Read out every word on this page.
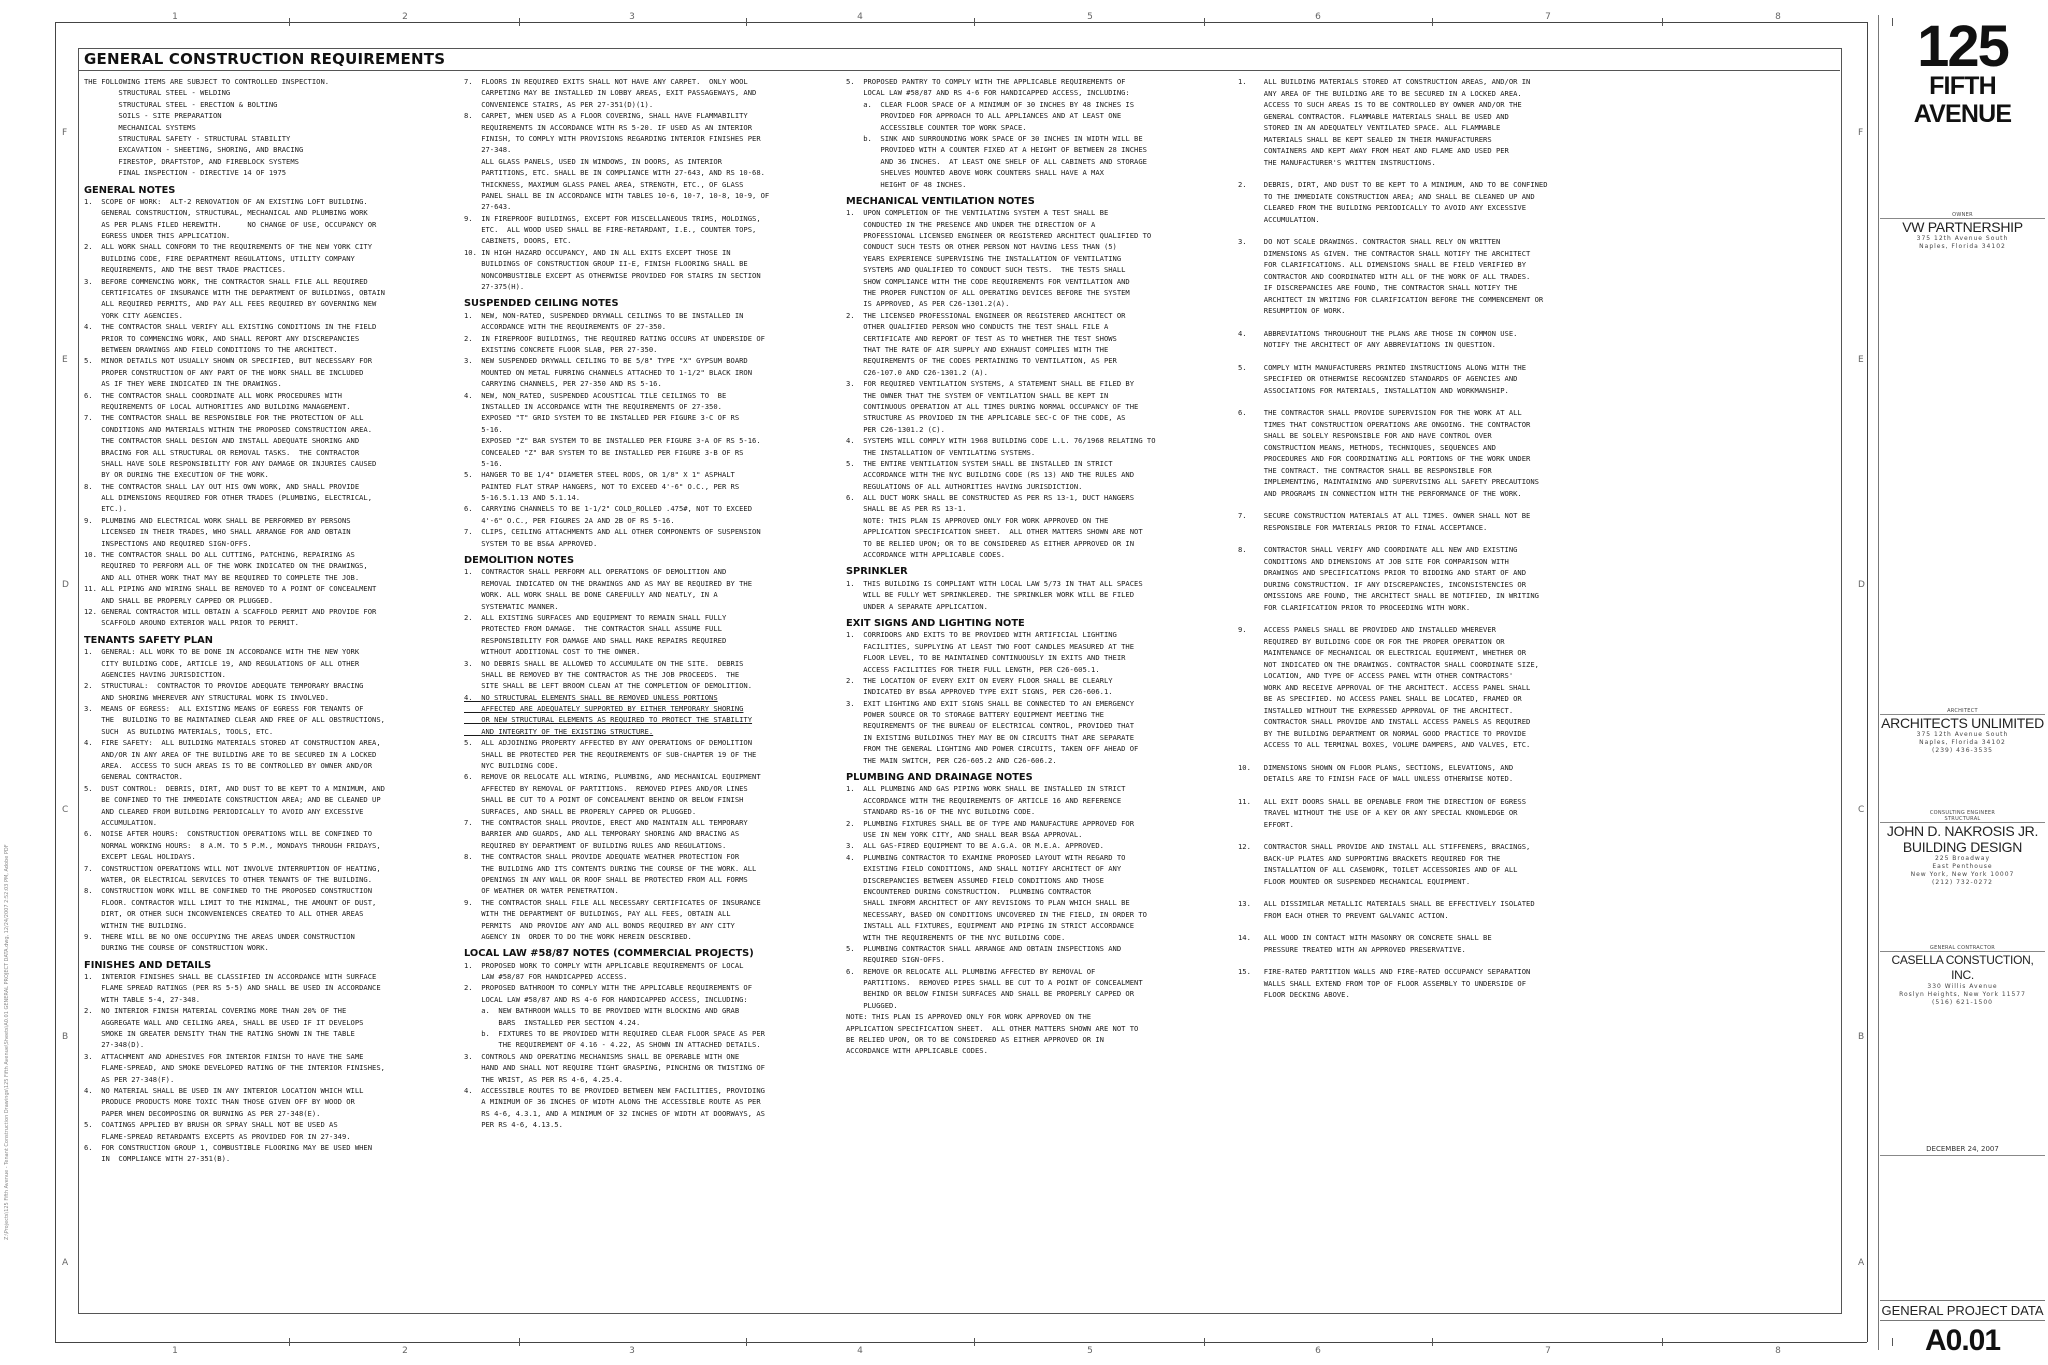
1
1
2
2
3
3
4
4
5
5
6
6
7
7
8
8
F	F
E	E
D	D
C	C
B	B
A	A
GENERAL CONSTRUCTION REQUIREMENTS
THE FOLLOWING ITEMS ARE SUBJECT TO CONTROLLED INSPECTION.
STRUCTURAL STEEL - WELDING
STRUCTURAL STEEL - ERECTION & BOLTING
SOILS - SITE PREPARATION
MECHANICAL SYSTEMS
STRUCTURAL SAFETY - STRUCTURAL STABILITY
EXCAVATION - SHEETING, SHORING, AND BRACING
FIRESTOP, DRAFTSTOP, AND FIREBLOCK SYSTEMS
FINAL INSPECTION - DIRECTIVE 14 OF 1975
GENERAL NOTES
1.  SCOPE OF WORK:  ALT-2 RENOVATION OF AN EXISTING LOFT BUILDING.
GENERAL CONSTRUCTION, STRUCTURAL, MECHANICAL AND PLUMBING WORK
AS PER PLANS FILED HEREWITH.      NO CHANGE OF USE, OCCUPANCY OR
EGRESS UNDER THIS APPLICATION.
2.  ALL WORK SHALL CONFORM TO THE REQUIREMENTS OF THE NEW YORK CITY
BUILDING CODE, FIRE DEPARTMENT REGULATIONS, UTILITY COMPANY
REQUIREMENTS, AND THE BEST TRADE PRACTICES.
3.  BEFORE COMMENCING WORK, THE CONTRACTOR SHALL FILE ALL REQUIRED
CERTIFICATES OF INSURANCE WITH THE DEPARTMENT OF BUILDINGS, OBTAIN
ALL REQUIRED PERMITS, AND PAY ALL FEES REQUIRED BY GOVERNING NEW
YORK CITY AGENCIES.
4.  THE CONTRACTOR SHALL VERIFY ALL EXISTING CONDITIONS IN THE FIELD
PRIOR TO COMMENCING WORK, AND SHALL REPORT ANY DISCREPANCIES
BETWEEN DRAWINGS AND FIELD CONDITIONS TO THE ARCHITECT.
5.  MINOR DETAILS NOT USUALLY SHOWN OR SPECIFIED, BUT NECESSARY FOR
PROPER CONSTRUCTION OF ANY PART OF THE WORK SHALL BE INCLUDED
AS IF THEY WERE INDICATED IN THE DRAWINGS.
6.  THE CONTRACTOR SHALL COORDINATE ALL WORK PROCEDURES WITH
REQUIREMENTS OF LOCAL AUTHORITIES AND BUILDING MANAGEMENT.
7.  THE CONTRACTOR SHALL BE RESPONSIBLE FOR THE PROTECTION OF ALL
CONDITIONS AND MATERIALS WITHIN THE PROPOSED CONSTRUCTION AREA.
THE CONTRACTOR SHALL DESIGN AND INSTALL ADEQUATE SHORING AND
BRACING FOR ALL STRUCTURAL OR REMOVAL TASKS.  THE CONTRACTOR
SHALL HAVE SOLE RESPONSIBILITY FOR ANY DAMAGE OR INJURIES CAUSED
BY OR DURING THE EXECUTION OF THE WORK.
8.  THE CONTRACTOR SHALL LAY OUT HIS OWN WORK, AND SHALL PROVIDE
ALL DIMENSIONS REQUIRED FOR OTHER TRADES (PLUMBING, ELECTRICAL,
ETC.).
9.  PLUMBING AND ELECTRICAL WORK SHALL BE PERFORMED BY PERSONS
LICENSED IN THEIR TRADES, WHO SHALL ARRANGE FOR AND OBTAIN
INSPECTIONS AND REQUIRED SIGN-OFFS.
10. THE CONTRACTOR SHALL DO ALL CUTTING, PATCHING, REPAIRING AS
REQUIRED TO PERFORM ALL OF THE WORK INDICATED ON THE DRAWINGS,
AND ALL OTHER WORK THAT MAY BE REQUIRED TO COMPLETE THE JOB.
11. ALL PIPING AND WIRING SHALL BE REMOVED TO A POINT OF CONCEALMENT
AND SHALL BE PROPERLY CAPPED OR PLUGGED.
12. GENERAL CONTRACTOR WILL OBTAIN A SCAFFOLD PERMIT AND PROVIDE FOR
SCAFFOLD AROUND EXTERIOR WALL PRIOR TO PERMIT.
TENANTS SAFETY PLAN
1.  GENERAL: ALL WORK TO BE DONE IN ACCORDANCE WITH THE NEW YORK
CITY BUILDING CODE, ARTICLE 19, AND REGULATIONS OF ALL OTHER
AGENCIES HAVING JURISDICTION.
2.  STRUCTURAL:  CONTRACTOR TO PROVIDE ADEQUATE TEMPORARY BRACING
AND SHORING WHEREVER ANY STRUCTURAL WORK IS INVOLVED.
3.  MEANS OF EGRESS:  ALL EXISTING MEANS OF EGRESS FOR TENANTS OF
THE  BUILDING TO BE MAINTAINED CLEAR AND FREE OF ALL OBSTRUCTIONS,
SUCH  AS BUILDING MATERIALS, TOOLS, ETC.
4.  FIRE SAFETY:  ALL BUILDING MATERIALS STORED AT CONSTRUCTION AREA,
AND/OR IN ANY AREA OF THE BUILDING ARE TO BE SECURED IN A LOCKED
AREA.  ACCESS TO SUCH AREAS IS TO BE CONTROLLED BY OWNER AND/OR
GENERAL CONTRACTOR.
5.  DUST CONTROL:  DEBRIS, DIRT, AND DUST TO BE KEPT TO A MINIMUM, AND
BE CONFINED TO THE IMMEDIATE CONSTRUCTION AREA; AND BE CLEANED UP
AND CLEARED FROM BUILDING PERIODICALLY TO AVOID ANY EXCESSIVE
ACCUMULATION.
6.  NOISE AFTER HOURS:  CONSTRUCTION OPERATIONS WILL BE CONFINED TO
NORMAL WORKING HOURS:  8 A.M. TO 5 P.M., MONDAYS THROUGH FRIDAYS,
EXCEPT LEGAL HOLIDAYS.
7.  CONSTRUCTION OPERATIONS WILL NOT INVOLVE INTERRUPTION OF HEATING,
WATER, OR ELECTRICAL SERVICES TO OTHER TENANTS OF THE BUILDING.
8.  CONSTRUCTION WORK WILL BE CONFINED TO THE PROPOSED CONSTRUCTION
FLOOR. CONTRACTOR WILL LIMIT TO THE MINIMAL, THE AMOUNT OF DUST,
DIRT, OR OTHER SUCH INCONVENIENCES CREATED TO ALL OTHER AREAS
WITHIN THE BUILDING.
9.  THERE WILL BE NO ONE OCCUPYING THE AREAS UNDER CONSTRUCTION
DURING THE COURSE OF CONSTRUCTION WORK.
FINISHES AND DETAILS
1.  INTERIOR FINISHES SHALL BE CLASSIFIED IN ACCORDANCE WITH SURFACE
FLAME SPREAD RATINGS (PER RS 5-5) AND SHALL BE USED IN ACCORDANCE
WITH TABLE 5-4, 27-348.
2.  NO INTERIOR FINISH MATERIAL COVERING MORE THAN 20% OF THE
AGGREGATE WALL AND CEILING AREA, SHALL BE USED IF IT DEVELOPS
SMOKE IN GREATER DENSITY THAN THE RATING SHOWN IN THE TABLE
27-348(D).
3.  ATTACHMENT AND ADHESIVES FOR INTERIOR FINISH TO HAVE THE SAME
FLAME-SPREAD, AND SMOKE DEVELOPED RATING OF THE INTERIOR FINISHES,
AS PER 27-348(F).
4.  NO MATERIAL SHALL BE USED IN ANY INTERIOR LOCATION WHICH WILL
PRODUCE PRODUCTS MORE TOXIC THAN THOSE GIVEN OFF BY WOOD OR
PAPER WHEN DECOMPOSING OR BURNING AS PER 27-348(E).
5.  COATINGS APPLIED BY BRUSH OR SPRAY SHALL NOT BE USED AS
FLAME-SPREAD RETARDANTS EXCEPTS AS PROVIDED FOR IN 27-349.
6.  FOR CONSTRUCTION GROUP 1, COMBUSTIBLE FLOORING MAY BE USED WHEN
IN  COMPLIANCE WITH 27-351(B).
7.  FLOORS IN REQUIRED EXITS SHALL NOT HAVE ANY CARPET.  ONLY WOOL
CARPETING MAY BE INSTALLED IN LOBBY AREAS, EXIT PASSAGEWAYS, AND
CONVENIENCE STAIRS, AS PER 27-351(D)(1).
8.  CARPET, WHEN USED AS A FLOOR COVERING, SHALL HAVE FLAMMABILITY
REQUIREMENTS IN ACCORDANCE WITH RS 5-20. IF USED AS AN INTERIOR
FINISH, TO COMPLY WITH PROVISIONS REGARDING INTERIOR FINISHES PER
27-348.
ALL GLASS PANELS, USED IN WINDOWS, IN DOORS, AS INTERIOR
PARTITIONS, ETC. SHALL BE IN COMPLIANCE WITH 27-643, AND RS 10-68.
THICKNESS, MAXIMUM GLASS PANEL AREA, STRENGTH, ETC., OF GLASS
PANEL SHALL BE IN ACCORDANCE WITH TABLES 10-6, 10-7, 10-8, 10-9, OF
27-643.
9.  IN FIREPROOF BUILDINGS, EXCEPT FOR MISCELLANEOUS TRIMS, MOLDINGS,
ETC.  ALL WOOD USED SHALL BE FIRE-RETARDANT, I.E., COUNTER TOPS,
CABINETS, DOORS, ETC.
10. IN HIGH HAZARD OCCUPANCY, AND IN ALL EXITS EXCEPT THOSE IN
BUILDINGS OF CONSTRUCTION GROUP II-E, FINISH FLOORING SHALL BE
NONCOMBUSTIBLE EXCEPT AS OTHERWISE PROVIDED FOR STAIRS IN SECTION
27-375(H).
SUSPENDED CEILING NOTES
1.  NEW, NON-RATED, SUSPENDED DRYWALL CEILINGS TO BE INSTALLED IN
ACCORDANCE WITH THE REQUIREMENTS OF 27-350.
2.  IN FIREPROOF BUILDINGS, THE REQUIRED RATING OCCURS AT UNDERSIDE OF
EXISTING CONCRETE FLOOR SLAB, PER 27-350.
3.  NEW SUSPENDED DRYWALL CEILING TO BE 5/8" TYPE "X" GYPSUM BOARD
MOUNTED ON METAL FURRING CHANNELS ATTACHED TO 1-1/2" BLACK IRON
CARRYING CHANNELS, PER 27-350 AND RS 5-16.
4.  NEW, NON_RATED, SUSPENDED ACOUSTICAL TILE CEILINGS TO  BE
INSTALLED IN ACCORDANCE WITH THE REQUIREMENTS OF 27-350.
EXPOSED "T" GRID SYSTEM TO BE INSTALLED PER FIGURE 3-C OF RS
5-16.
EXPOSED "Z" BAR SYSTEM TO BE INSTALLED PER FIGURE 3-A OF RS 5-16.
CONCEALED "Z" BAR SYSTEM TO BE INSTALLED PER FIGURE 3-B OF RS
5-16.
5.  HANGER TO BE 1/4" DIAMETER STEEL RODS, OR 1/8" X 1" ASPHALT
PAINTED FLAT STRAP HANGERS, NOT TO EXCEED 4'-6" O.C., PER RS
5-16.5.1.13 AND 5.1.14.
6.  CARRYING CHANNELS TO BE 1-1/2" COLD_ROLLED .475#, NOT TO EXCEED
4'-6" O.C., PER FIGURES 2A AND 2B OF RS 5-16.
7.  CLIPS, CEILING ATTACHMENTS AND ALL OTHER COMPONENTS OF SUSPENSION
SYSTEM TO BE BS&A APPROVED.
DEMOLITION NOTES
1.  CONTRACTOR SHALL PERFORM ALL OPERATIONS OF DEMOLITION AND
REMOVAL INDICATED ON THE DRAWINGS AND AS MAY BE REQUIRED BY THE
WORK. ALL WORK SHALL BE DONE CAREFULLY AND NEATLY, IN A
SYSTEMATIC MANNER.
2.  ALL EXISTING SURFACES AND EQUIPMENT TO REMAIN SHALL FULLY
PROTECTED FROM DAMAGE.  THE CONTRACTOR SHALL ASSUME FULL
RESPONSIBILITY FOR DAMAGE AND SHALL MAKE REPAIRS REQUIRED
WITHOUT ADDITIONAL COST TO THE OWNER.
3.  NO DEBRIS SHALL BE ALLOWED TO ACCUMULATE ON THE SITE.  DEBRIS
SHALL BE REMOVED BY THE CONTRACTOR AS THE JOB PROCEEDS.  THE
SITE SHALL BE LEFT BROOM CLEAN AT THE COMPLETION OF DEMOLITION.
4.  NO STRUCTURAL ELEMENTS SHALL BE REMOVED UNLESS PORTIONS
AFFECTED ARE ADEQUATELY SUPPORTED BY EITHER TEMPORARY SHORING
OR NEW STRUCTURAL ELEMENTS AS REQUIRED TO PROTECT THE STABILITY
AND INTEGRITY OF THE EXISTING STRUCTURE.
5.  ALL ADJOINING PROPERTY AFFECTED BY ANY OPERATIONS OF DEMOLITION
SHALL BE PROTECTED PER THE REQUIREMENTS OF SUB-CHAPTER 19 OF THE
NYC BUILDING CODE.
6.  REMOVE OR RELOCATE ALL WIRING, PLUMBING, AND MECHANICAL EQUIPMENT
AFFECTED BY REMOVAL OF PARTITIONS.  REMOVED PIPES AND/OR LINES
SHALL BE CUT TO A POINT OF CONCEALMENT BEHIND OR BELOW FINISH
SURFACES, AND SHALL BE PROPERLY CAPPED OR PLUGGED.
7.  THE CONTRACTOR SHALL PROVIDE, ERECT AND MAINTAIN ALL TEMPORARY
BARRIER AND GUARDS, AND ALL TEMPORARY SHORING AND BRACING AS
REQUIRED BY DEPARTMENT OF BUILDING RULES AND REGULATIONS.
8.  THE CONTRACTOR SHALL PROVIDE ADEQUATE WEATHER PROTECTION FOR
THE BUILDING AND ITS CONTENTS DURING THE COURSE OF THE WORK. ALL
OPENINGS IN ANY WALL OR ROOF SHALL BE PROTECTED FROM ALL FORMS
OF WEATHER OR WATER PENETRATION.
9.  THE CONTRACTOR SHALL FILE ALL NECESSARY CERTIFICATES OF INSURANCE
WITH THE DEPARTMENT OF BUILDINGS, PAY ALL FEES, OBTAIN ALL
PERMITS  AND PROVIDE ANY AND ALL BONDS REQUIRED BY ANY CITY
AGENCY IN  ORDER TO DO THE WORK HEREIN DESCRIBED.
LOCAL LAW #58/87 NOTES (COMMERCIAL PROJECTS)
1.  PROPOSED WORK TO COMPLY WITH APPLICABLE REQUIREMENTS OF LOCAL
LAW #58/87 FOR HANDICAPPED ACCESS.
2.  PROPOSED BATHROOM TO COMPLY WITH THE APPLICABLE REQUIREMENTS OF
LOCAL LAW #58/87 AND RS 4-6 FOR HANDICAPPED ACCESS, INCLUDING:
a.  NEW BATHROOM WALLS TO BE PROVIDED WITH BLOCKING AND GRAB
BARS  INSTALLED PER SECTION 4.24.
b.  FIXTURES TO BE PROVIDED WITH REQUIRED CLEAR FLOOR SPACE AS PER
THE REQUIREMENT OF 4.16 - 4.22, AS SHOWN IN ATTACHED DETAILS.
3.  CONTROLS AND OPERATING MECHANISMS SHALL BE OPERABLE WITH ONE
HAND AND SHALL NOT REQUIRE TIGHT GRASPING, PINCHING OR TWISTING OF
THE WRIST, AS PER RS 4-6, 4.25.4.
4.  ACCESSIBLE ROUTES TO BE PROVIDED BETWEEN NEW FACILITIES, PROVIDING
A MINIMUM OF 36 INCHES OF WIDTH ALONG THE ACCESSIBLE ROUTE AS PER
RS 4-6, 4.3.1, AND A MINIMUM OF 32 INCHES OF WIDTH AT DOORWAYS, AS
PER RS 4-6, 4.13.5.
5.  PROPOSED PANTRY TO COMPLY WITH THE APPLICABLE REQUIREMENTS OF
LOCAL LAW #58/87 AND RS 4-6 FOR HANDICAPPED ACCESS, INCLUDING:
a.  CLEAR FLOOR SPACE OF A MINIMUM OF 30 INCHES BY 48 INCHES IS
PROVIDED FOR APPROACH TO ALL APPLIANCES AND AT LEAST ONE
ACCESSIBLE COUNTER TOP WORK SPACE.
b.  SINK AND SURROUNDING WORK SPACE OF 30 INCHES IN WIDTH WILL BE
PROVIDED WITH A COUNTER FIXED AT A HEIGHT OF BETWEEN 28 INCHES
AND 36 INCHES.  AT LEAST ONE SHELF OF ALL CABINETS AND STORAGE
SHELVES MOUNTED ABOVE WORK COUNTERS SHALL HAVE A MAX
HEIGHT OF 48 INCHES.
MECHANICAL VENTILATION NOTES
1.  UPON COMPLETION OF THE VENTILATING SYSTEM A TEST SHALL BE
CONDUCTED IN THE PRESENCE AND UNDER THE DIRECTION OF A
PROFESSIONAL LICENSED ENGINEER OR REGISTERED ARCHITECT QUALIFIED TO
CONDUCT SUCH TESTS OR OTHER PERSON NOT HAVING LESS THAN (5)
YEARS EXPERIENCE SUPERVISING THE INSTALLATION OF VENTILATING
SYSTEMS AND QUALIFIED TO CONDUCT SUCH TESTS.  THE TESTS SHALL
SHOW COMPLIANCE WITH THE CODE REQUIREMENTS FOR VENTILATION AND
THE PROPER FUNCTION OF ALL OPERATING DEVICES BEFORE THE SYSTEM
IS APPROVED, AS PER C26-1301.2(A).
2.  THE LICENSED PROFESSIONAL ENGINEER OR REGISTERED ARCHITECT OR
OTHER QUALIFIED PERSON WHO CONDUCTS THE TEST SHALL FILE A
CERTIFICATE AND REPORT OF TEST AS TO WHETHER THE TEST SHOWS
THAT THE RATE OF AIR SUPPLY AND EXHAUST COMPLIES WITH THE
REQUIREMENTS OF THE CODES PERTAINING TO VENTILATION, AS PER
C26-107.0 AND C26-1301.2 (A).
3.  FOR REQUIRED VENTILATION SYSTEMS, A STATEMENT SHALL BE FILED BY
THE OWNER THAT THE SYSTEM OF VENTILATION SHALL BE KEPT IN
CONTINUOUS OPERATION AT ALL TIMES DURING NORMAL OCCUPANCY OF THE
STRUCTURE AS PROVIDED IN THE APPLICABLE SEC-C OF THE CODE, AS
PER C26-1301.2 (C).
4.  SYSTEMS WILL COMPLY WITH 1968 BUILDING CODE L.L. 76/1968 RELATING TO
THE INSTALLATION OF VENTILATING SYSTEMS.
5.  THE ENTIRE VENTILATION SYSTEM SHALL BE INSTALLED IN STRICT
ACCORDANCE WITH THE NYC BUILDING CODE (RS 13) AND THE RULES AND
REGULATIONS OF ALL AUTHORITIES HAVING JURISDICTION.
6.  ALL DUCT WORK SHALL BE CONSTRUCTED AS PER RS 13-1, DUCT HANGERS
SHALL BE AS PER RS 13-1.
NOTE: THIS PLAN IS APPROVED ONLY FOR WORK APPROVED ON THE
APPLICATION SPECIFICATION SHEET.  ALL OTHER MATTERS SHOWN ARE NOT
TO BE RELIED UPON; OR TO BE CONSIDERED AS EITHER APPROVED OR IN
ACCORDANCE WITH APPLICABLE CODES.
SPRINKLER
1.  THIS BUILDING IS COMPLIANT WITH LOCAL LAW 5/73 IN THAT ALL SPACES
WILL BE FULLY WET SPRINKLERED. THE SPRINKLER WORK WILL BE FILED
UNDER A SEPARATE APPLICATION.
EXIT SIGNS AND LIGHTING NOTE
1.  CORRIDORS AND EXITS TO BE PROVIDED WITH ARTIFICIAL LIGHTING
FACILITIES, SUPPLYING AT LEAST TWO FOOT CANDLES MEASURED AT THE
FLOOR LEVEL, TO BE MAINTAINED CONTINUOUSLY IN EXITS AND THEIR
ACCESS FACILITIES FOR THEIR FULL LENGTH, PER C26-605.1.
2.  THE LOCATION OF EVERY EXIT ON EVERY FLOOR SHALL BE CLEARLY
INDICATED BY BS&A APPROVED TYPE EXIT SIGNS, PER C26-606.1.
3.  EXIT LIGHTING AND EXIT SIGNS SHALL BE CONNECTED TO AN EMERGENCY
POWER SOURCE OR TO STORAGE BATTERY EQUIPMENT MEETING THE
REQUIREMENTS OF THE BUREAU OF ELECTRICAL CONTROL, PROVIDED THAT
IN EXISTING BUILDINGS THEY MAY BE ON CIRCUITS THAT ARE SEPARATE
FROM THE GENERAL LIGHTING AND POWER CIRCUITS, TAKEN OFF AHEAD OF
THE MAIN SWITCH, PER C26-605.2 AND C26-606.2.
PLUMBING AND DRAINAGE NOTES
1.  ALL PLUMBING AND GAS PIPING WORK SHALL BE INSTALLED IN STRICT
ACCORDANCE WITH THE REQUIREMENTS OF ARTICLE 16 AND REFERENCE
STANDARD RS-16 OF THE NYC BUILDING CODE.
2.  PLUMBING FIXTURES SHALL BE OF TYPE AND MANUFACTURE APPROVED FOR
USE IN NEW YORK CITY, AND SHALL BEAR BS&A APPROVAL.
3.  ALL GAS-FIRED EQUIPMENT TO BE A.G.A. OR M.E.A. APPROVED.
4.  PLUMBING CONTRACTOR TO EXAMINE PROPOSED LAYOUT WITH REGARD TO
EXISTING FIELD CONDITIONS, AND SHALL NOTIFY ARCHITECT OF ANY
DISCREPANCIES BETWEEN ASSUMED FIELD CONDITIONS AND THOSE
ENCOUNTERED DURING CONSTRUCTION.  PLUMBING CONTRACTOR
SHALL INFORM ARCHITECT OF ANY REVISIONS TO PLAN WHICH SHALL BE
NECESSARY, BASED ON CONDITIONS UNCOVERED IN THE FIELD, IN ORDER TO
INSTALL ALL FIXTURES, EQUIPMENT AND PIPING IN STRICT ACCORDANCE
WITH THE REQUIREMENTS OF THE NYC BUILDING CODE.
5.  PLUMBING CONTRACTOR SHALL ARRANGE AND OBTAIN INSPECTIONS AND
REQUIRED SIGN-OFFS.
6.  REMOVE OR RELOCATE ALL PLUMBING AFFECTED BY REMOVAL OF
PARTITIONS.  REMOVED PIPES SHALL BE CUT TO A POINT OF CONCEALMENT
BEHIND OR BELOW FINISH SURFACES AND SHALL BE PROPERLY CAPPED OR
PLUGGED.
NOTE: THIS PLAN IS APPROVED ONLY FOR WORK APPROVED ON THE
APPLICATION SPECIFICATION SHEET.  ALL OTHER MATTERS SHOWN ARE NOT TO
BE RELIED UPON, OR TO BE CONSIDERED AS EITHER APPROVED OR IN
ACCORDANCE WITH APPLICABLE CODES.
1.    ALL BUILDING MATERIALS STORED AT CONSTRUCTION AREAS, AND/OR IN
ANY AREA OF THE BUILDING ARE TO BE SECURED IN A LOCKED AREA.
ACCESS TO SUCH AREAS IS TO BE CONTROLLED BY OWNER AND/OR THE
GENERAL CONTRACTOR. FLAMMABLE MATERIALS SHALL BE USED AND
STORED IN AN ADEQUATELY VENTILATED SPACE. ALL FLAMMABLE
MATERIALS SHALL BE KEPT SEALED IN THEIR MANUFACTURERS
CONTAINERS AND KEPT AWAY FROM HEAT AND FLAME AND USED PER
THE MANUFACTURER'S WRITTEN INSTRUCTIONS.
2.    DEBRIS, DIRT, AND DUST TO BE KEPT TO A MINIMUM, AND TO BE CONFINED
TO THE IMMEDIATE CONSTRUCTION AREA; AND SHALL BE CLEANED UP AND
CLEARED FROM THE BUILDING PERIODICALLY TO AVOID ANY EXCESSIVE
ACCUMULATION.
3.    DO NOT SCALE DRAWINGS. CONTRACTOR SHALL RELY ON WRITTEN
DIMENSIONS AS GIVEN. THE CONTRACTOR SHALL NOTIFY THE ARCHITECT
FOR CLARIFICATIONS. ALL DIMENSIONS SHALL BE FIELD VERIFIED BY
CONTRACTOR AND COORDINATED WITH ALL OF THE WORK OF ALL TRADES.
IF DISCREPANCIES ARE FOUND, THE CONTRACTOR SHALL NOTIFY THE
ARCHITECT IN WRITING FOR CLARIFICATION BEFORE THE COMMENCEMENT OR
RESUMPTION OF WORK.
4.    ABBREVIATIONS THROUGHOUT THE PLANS ARE THOSE IN COMMON USE.
NOTIFY THE ARCHITECT OF ANY ABBREVIATIONS IN QUESTION.
5.    COMPLY WITH MANUFACTURERS PRINTED INSTRUCTIONS ALONG WITH THE
SPECIFIED OR OTHERWISE RECOGNIZED STANDARDS OF AGENCIES AND
ASSOCIATIONS FOR MATERIALS, INSTALLATION AND WORKMANSHIP.
6.    THE CONTRACTOR SHALL PROVIDE SUPERVISION FOR THE WORK AT ALL
TIMES THAT CONSTRUCTION OPERATIONS ARE ONGOING. THE CONTRACTOR
SHALL BE SOLELY RESPONSIBLE FOR AND HAVE CONTROL OVER
CONSTRUCTION MEANS, METHODS, TECHNIQUES, SEQUENCES AND
PROCEDURES AND FOR COORDINATING ALL PORTIONS OF THE WORK UNDER
THE CONTRACT. THE CONTRACTOR SHALL BE RESPONSIBLE FOR
IMPLEMENTING, MAINTAINING AND SUPERVISING ALL SAFETY PRECAUTIONS
AND PROGRAMS IN CONNECTION WITH THE PERFORMANCE OF THE WORK.
7.    SECURE CONSTRUCTION MATERIALS AT ALL TIMES. OWNER SHALL NOT BE
RESPONSIBLE FOR MATERIALS PRIOR TO FINAL ACCEPTANCE.
8.    CONTRACTOR SHALL VERIFY AND COORDINATE ALL NEW AND EXISTING
CONDITIONS AND DIMENSIONS AT JOB SITE FOR COMPARISON WITH
DRAWINGS AND SPECIFICATIONS PRIOR TO BIDDING AND START OF AND
DURING CONSTRUCTION. IF ANY DISCREPANCIES, INCONSISTENCIES OR
OMISSIONS ARE FOUND, THE ARCHITECT SHALL BE NOTIFIED, IN WRITING
FOR CLARIFICATION PRIOR TO PROCEEDING WITH WORK.
9.    ACCESS PANELS SHALL BE PROVIDED AND INSTALLED WHEREVER
REQUIRED BY BUILDING CODE OR FOR THE PROPER OPERATION OR
MAINTENANCE OF MECHANICAL OR ELECTRICAL EQUIPMENT, WHETHER OR
NOT INDICATED ON THE DRAWINGS. CONTRACTOR SHALL COORDINATE SIZE,
LOCATION, AND TYPE OF ACCESS PANEL WITH OTHER CONTRACTORS'
WORK AND RECEIVE APPROVAL OF THE ARCHITECT. ACCESS PANEL SHALL
BE AS SPECIFIED. NO ACCESS PANEL SHALL BE LOCATED, FRAMED OR
INSTALLED WITHOUT THE EXPRESSED APPROVAL OF THE ARCHITECT.
CONTRACTOR SHALL PROVIDE AND INSTALL ACCESS PANELS AS REQUIRED
BY THE BUILDING DEPARTMENT OR NORMAL GOOD PRACTICE TO PROVIDE
ACCESS TO ALL TERMINAL BOXES, VOLUME DAMPERS, AND VALVES, ETC.
10.   DIMENSIONS SHOWN ON FLOOR PLANS, SECTIONS, ELEVATIONS, AND
DETAILS ARE TO FINISH FACE OF WALL UNLESS OTHERWISE NOTED.
11.   ALL EXIT DOORS SHALL BE OPENABLE FROM THE DIRECTION OF EGRESS
TRAVEL WITHOUT THE USE OF A KEY OR ANY SPECIAL KNOWLEDGE OR
EFFORT.
12.   CONTRACTOR SHALL PROVIDE AND INSTALL ALL STIFFENERS, BRACINGS,
BACK-UP PLATES AND SUPPORTING BRACKETS REQUIRED FOR THE
INSTALLATION OF ALL CASEWORK, TOILET ACCESSORIES AND OF ALL
FLOOR MOUNTED OR SUSPENDED MECHANICAL EQUIPMENT.
13.   ALL DISSIMILAR METALLIC MATERIALS SHALL BE EFFECTIVELY ISOLATED
FROM EACH OTHER TO PREVENT GALVANIC ACTION.
14.   ALL WOOD IN CONTACT WITH MASONRY OR CONCRETE SHALL BE
PRESSURE TREATED WITH AN APPROVED PRESERVATIVE.
15.   FIRE-RATED PARTITION WALLS AND FIRE-RATED OCCUPANCY SEPARATION
WALLS SHALL EXTEND FROM TOP OF FLOOR ASSEMBLY TO UNDERSIDE OF
FLOOR DECKING ABOVE.
Z:\Projects\125 Fifth Avenue - Tenant Construction Drawings\125 Fifth Avenue\Sheets\A0.01 GENERAL PROJECT DATA.dwg, 12/24/2007 2:52:03 PM, Adobe PDF
125
FIFTH AVENUE
OWNER
VW PARTNERSHIP
375 12th Avenue South
Naples, Florida 34102
ARCHITECT
ARCHITECTS UNLIMITED
375 12th Avenue South
Naples, Florida 34102
(239) 436-3535
CONSULTING ENGINEER
STRUCTURAL
JOHN D. NAKROSIS JR.
BUILDING DESIGN
225 Broadway
East Penthouse
New York, New York 10007
(212) 732-0272
GENERAL CONTRACTOR
CASELLA CONSTUCTION, INC.
330 Willis Avenue
Roslyn Heights, New York 11577
(516) 621-1500
DECEMBER 24, 2007
GENERAL PROJECT DATA
A0.01
